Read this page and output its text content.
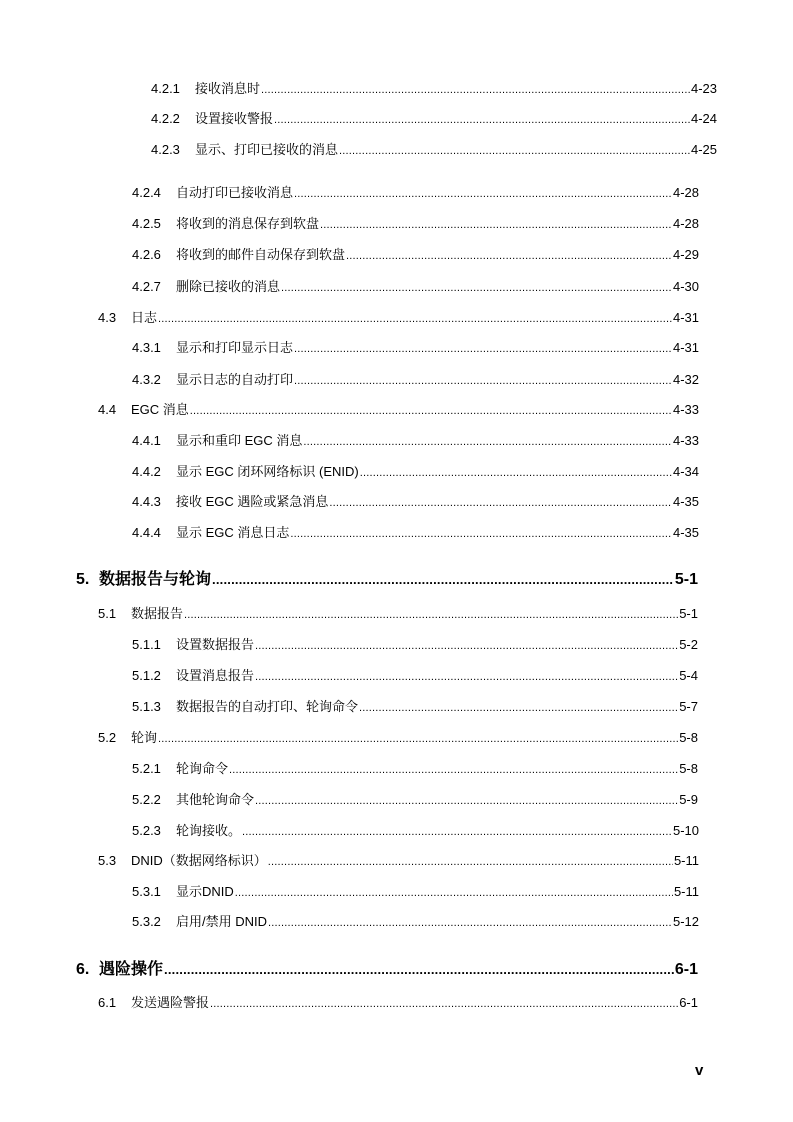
4.2.1 接收消息时 .....	4-23
4.2.2 设置接收警报 .....	4-24
4.2.3 显示、打印已接收的消息 .....	4-25
4.2.4 自动打印已接收消息 .....	4-28
4.2.5 将收到的消息保存到软盘 .....	4-28
4.2.6 将收到的邮件自动保存到软盘 .....	4-29
4.2.7 删除已接收的消息 .....	4-30
4.3 日志 .....	4-31
4.3.1 显示和打印显示日志 .....	4-31
4.3.2 显示日志的自动打印 .....	4-32
4.4 EGC 消息 .....	4-33
4.4.1 显示和重印 EGC 消息 .....	4-33
4.4.2 显示 EGC 闭环网络标识 (ENID) .....	4-34
4.4.3 接收 EGC 遇险或紧急消息 .....	4-35
4.4.4 显示 EGC 消息日志 .....	4-35
5. 数据报告与轮询 .....	5-1
5.1 数据报告 .....	5-1
5.1.1 设置数据报告 .....	5-2
5.1.2 设置消息报告 .....	5-4
5.1.3 数据报告的自动打印、轮询命令 .....	5-7
5.2 轮询 .....	5-8
5.2.1 轮询命令 .....	5-8
5.2.2 其他轮询命令 .....	5-9
5.2.3 轮询接收。 .....	5-10
5.3 DNID（数据网络标识） .....	5-11
5.3.1 显示DNID .....	5-11
5.3.2 启用/禁用 DNID .....	5-12
6. 遇险操作 .....	6-1
6.1 发送遇险警报 .....	6-1
v
